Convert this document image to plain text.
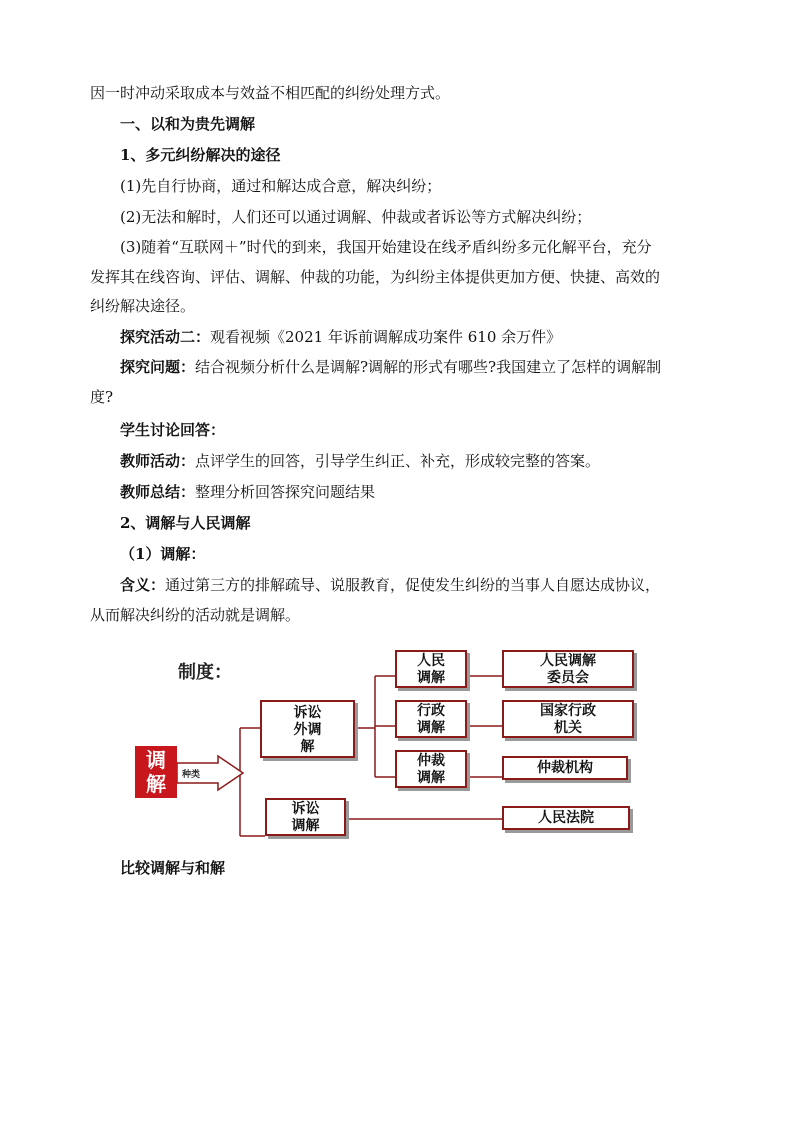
因一时冲动采取成本与效益不相匹配的纠纷处理方式。
一、以和为贵先调解
1、多元纠纷解决的途径
(1)先自行协商，通过和解达成合意，解决纠纷；
(2)无法和解时，人们还可以通过调解、仲裁或者诉讼等方式解决纠纷；
(3)随着“互联网＋”时代的到来，我国开始建设在线矛盾纠纷多元化解平台，充分
发挥其在线咨询、评估、调解、仲裁的功能，为纠纷主体提供更加方便、快捷、高效的
纠纷解决途径。
探究活动二：观看视频《2021 年诉前调解成功案件 610 余万件》
探究问题：结合视频分析什么是调解?调解的形式有哪些?我国建立了怎样的调解制
度?
学生讨论回答：
教师活动：点评学生的回答，引导学生纠正、补充，形成较完整的答案。
教师总结：整理分析回答探究问题结果
2、调解与人民调解
（1）调解：
含义：通过第三方的排解疏导、说服教育，促使发生纠纷的当事人自愿达成协议，
从而解决纠纷的活动就是调解。
制度：
种类
调
解
诉讼
外调
解
诉讼
调解
人民
调解
行政
调解
仲裁
调解
人民调解
委员会
国家行政
机关
仲裁机构
人民法院
比较调解与和解
